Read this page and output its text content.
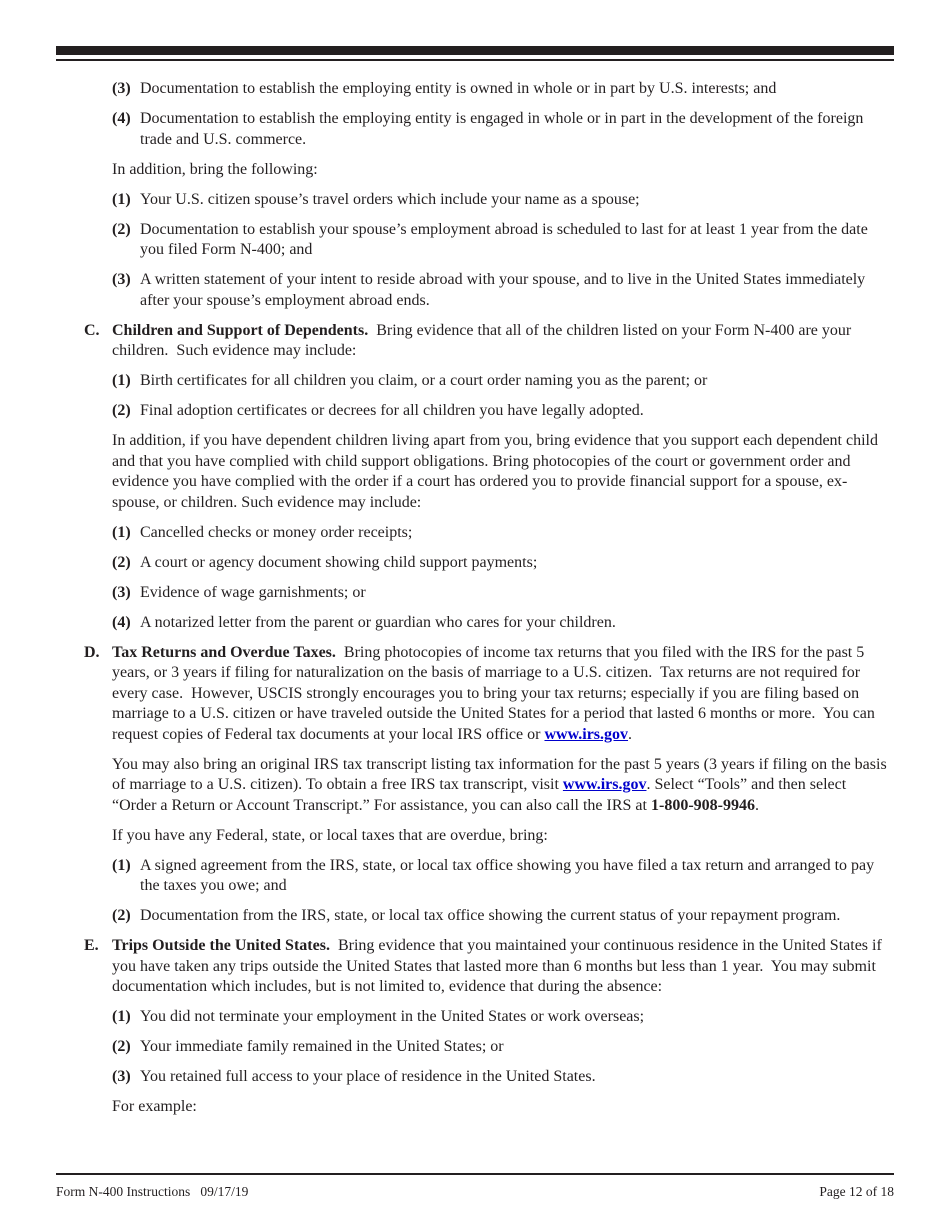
(3) Documentation to establish the employing entity is owned in whole or in part by U.S. interests; and
(4) Documentation to establish the employing entity is engaged in whole or in part in the development of the foreign trade and U.S. commerce.
In addition, bring the following:
(1) Your U.S. citizen spouse’s travel orders which include your name as a spouse;
(2) Documentation to establish your spouse’s employment abroad is scheduled to last for at least 1 year from the date you filed Form N-400; and
(3) A written statement of your intent to reside abroad with your spouse, and to live in the United States immediately after your spouse’s employment abroad ends.
C. Children and Support of Dependents.  Bring evidence that all of the children listed on your Form N-400 are your children.  Such evidence may include:
(1) Birth certificates for all children you claim, or a court order naming you as the parent; or
(2) Final adoption certificates or decrees for all children you have legally adopted.
In addition, if you have dependent children living apart from you, bring evidence that you support each dependent child and that you have complied with child support obligations. Bring photocopies of the court or government order and evidence you have complied with the order if a court has ordered you to provide financial support for a spouse, ex-spouse, or children. Such evidence may include:
(1) Cancelled checks or money order receipts;
(2) A court or agency document showing child support payments;
(3) Evidence of wage garnishments; or
(4) A notarized letter from the parent or guardian who cares for your children.
D. Tax Returns and Overdue Taxes.  Bring photocopies of income tax returns that you filed with the IRS for the past 5 years, or 3 years if filing for naturalization on the basis of marriage to a U.S. citizen.  Tax returns are not required for every case.  However, USCIS strongly encourages you to bring your tax returns; especially if you are filing based on marriage to a U.S. citizen or have traveled outside the United States for a period that lasted 6 months or more.  You can request copies of Federal tax documents at your local IRS office or www.irs.gov.
You may also bring an original IRS tax transcript listing tax information for the past 5 years (3 years if filing on the basis of marriage to a U.S. citizen). To obtain a free IRS tax transcript, visit www.irs.gov. Select “Tools” and then select “Order a Return or Account Transcript.” For assistance, you can also call the IRS at 1-800-908-9946.
If you have any Federal, state, or local taxes that are overdue, bring:
(1) A signed agreement from the IRS, state, or local tax office showing you have filed a tax return and arranged to pay the taxes you owe; and
(2) Documentation from the IRS, state, or local tax office showing the current status of your repayment program.
E. Trips Outside the United States.  Bring evidence that you maintained your continuous residence in the United States if you have taken any trips outside the United States that lasted more than 6 months but less than 1 year.  You may submit documentation which includes, but is not limited to, evidence that during the absence:
(1) You did not terminate your employment in the United States or work overseas;
(2) Your immediate family remained in the United States; or
(3) You retained full access to your place of residence in the United States.
For example:
Form N-400 Instructions   09/17/19	Page 12 of 18
